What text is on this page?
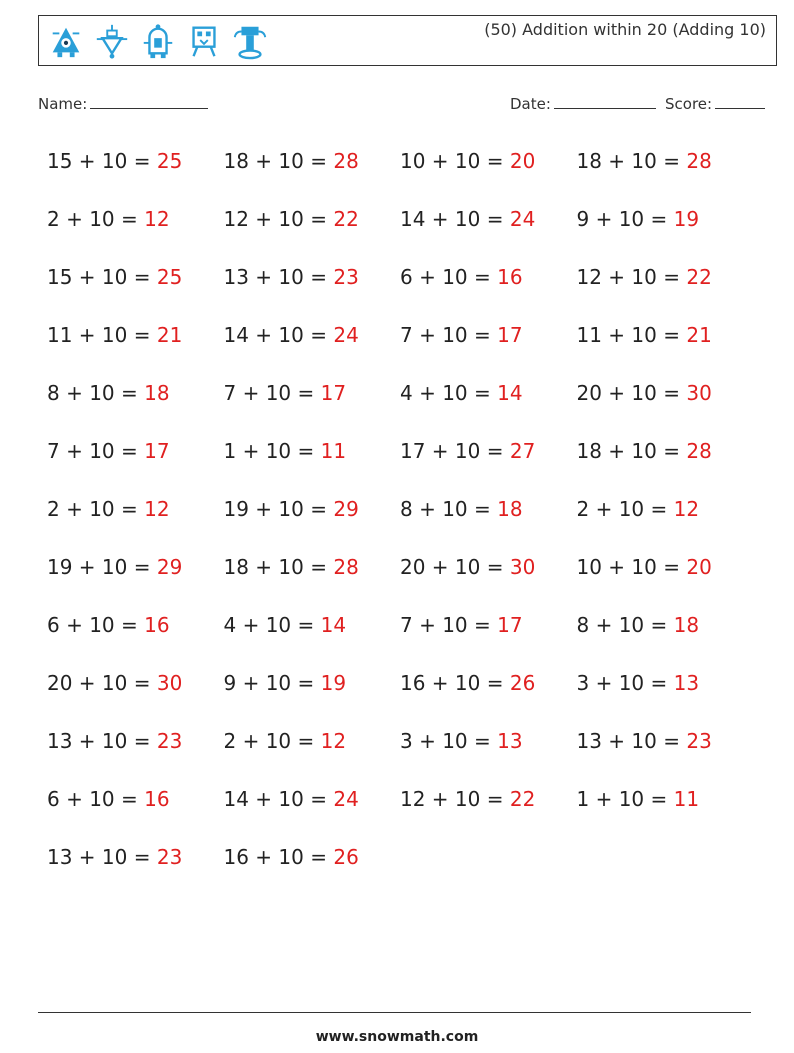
(50) Addition within 20 (Adding 10)
Name:	Date:	Score:
15 + 10 = 25	18 + 10 = 28	10 + 10 = 20	18 + 10 = 28
2 + 10 = 12	12 + 10 = 22	14 + 10 = 24	9 + 10 = 19
15 + 10 = 25	13 + 10 = 23	6 + 10 = 16	12 + 10 = 22
11 + 10 = 21	14 + 10 = 24	7 + 10 = 17	11 + 10 = 21
8 + 10 = 18	7 + 10 = 17	4 + 10 = 14	20 + 10 = 30
7 + 10 = 17	1 + 10 = 11	17 + 10 = 27	18 + 10 = 28
2 + 10 = 12	19 + 10 = 29	8 + 10 = 18	2 + 10 = 12
19 + 10 = 29	18 + 10 = 28	20 + 10 = 30	10 + 10 = 20
6 + 10 = 16	4 + 10 = 14	7 + 10 = 17	8 + 10 = 18
20 + 10 = 30	9 + 10 = 19	16 + 10 = 26	3 + 10 = 13
13 + 10 = 23	2 + 10 = 12	3 + 10 = 13	13 + 10 = 23
6 + 10 = 16	14 + 10 = 24	12 + 10 = 22	1 + 10 = 11
13 + 10 = 23	16 + 10 = 26
www.snowmath.com
